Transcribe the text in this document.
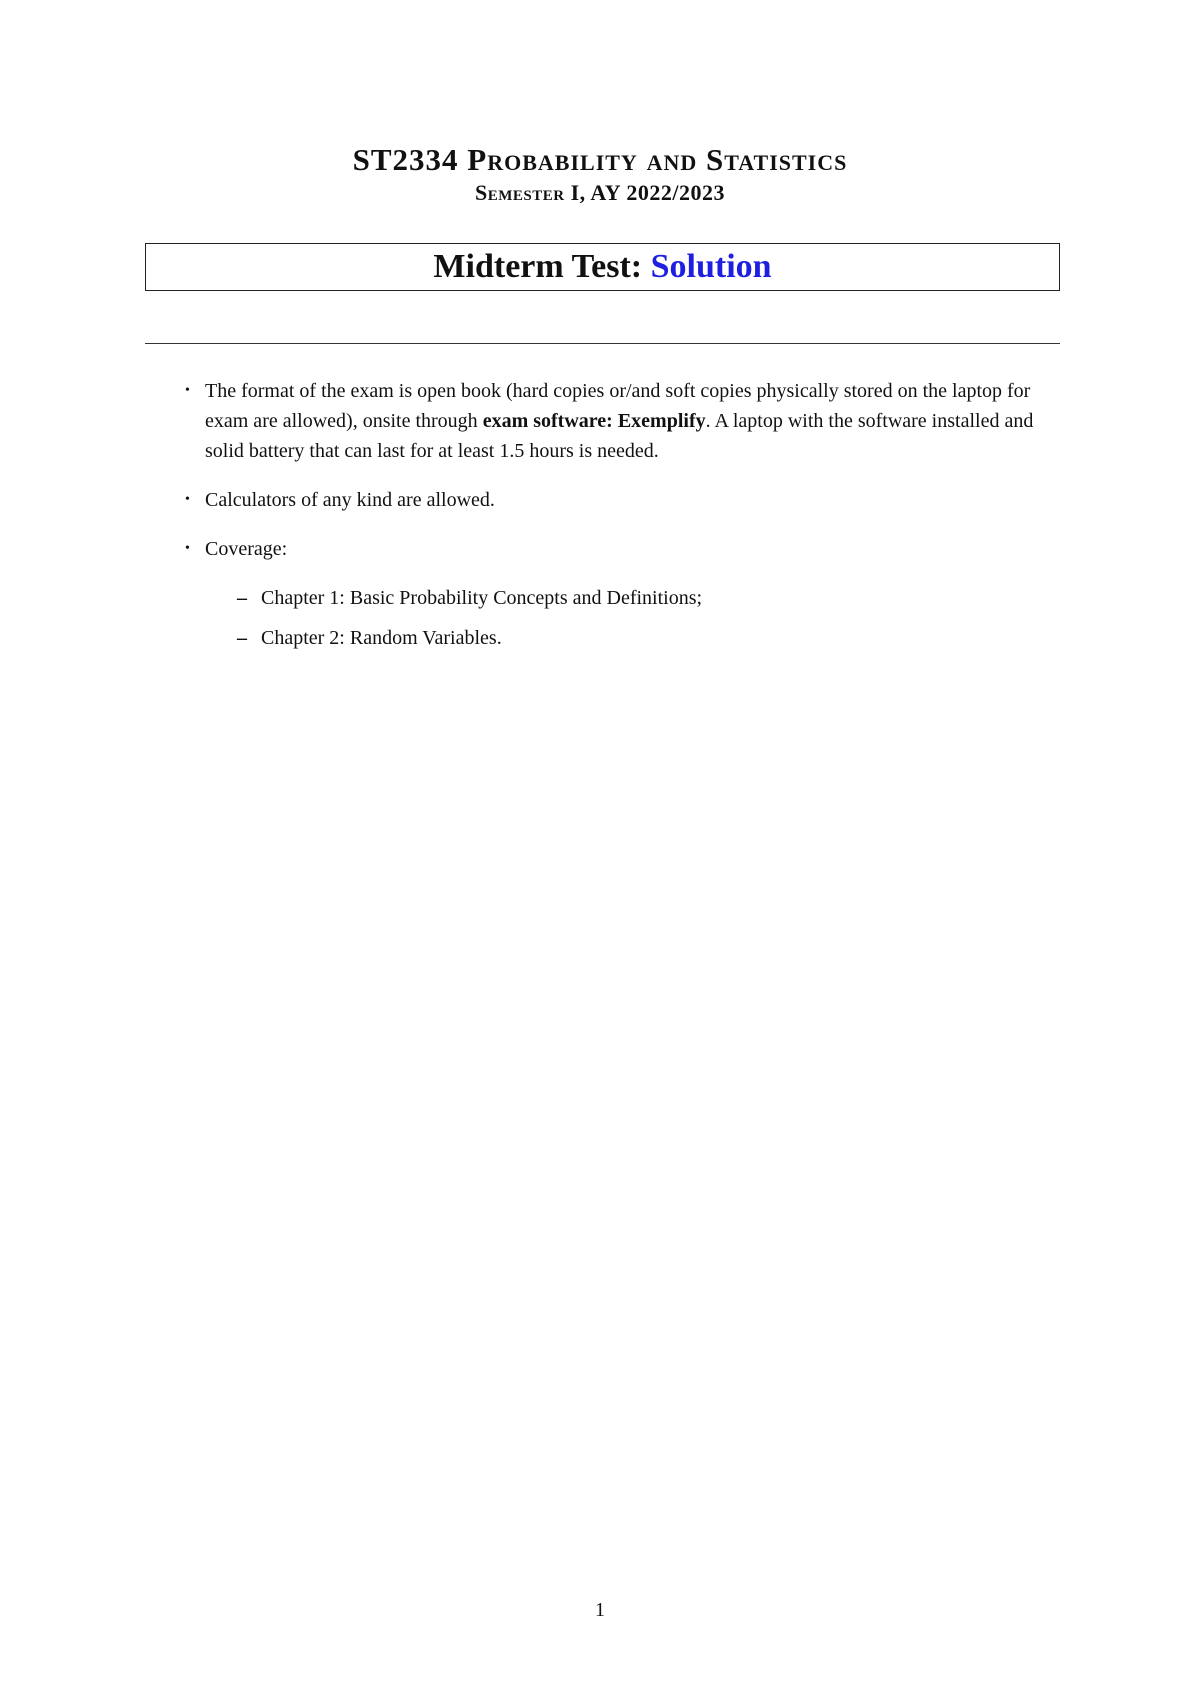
ST2334 Probability and Statistics
Semester I, AY 2022/2023
Midterm Test: Solution
• The format of the exam is open book (hard copies or/and soft copies physically stored on the laptop for exam are allowed), onsite through exam software: Exemplify. A laptop with the software installed and solid battery that can last for at least 1.5 hours is needed.
• Calculators of any kind are allowed.
• Coverage:
– Chapter 1: Basic Probability Concepts and Definitions;
– Chapter 2: Random Variables.
1
